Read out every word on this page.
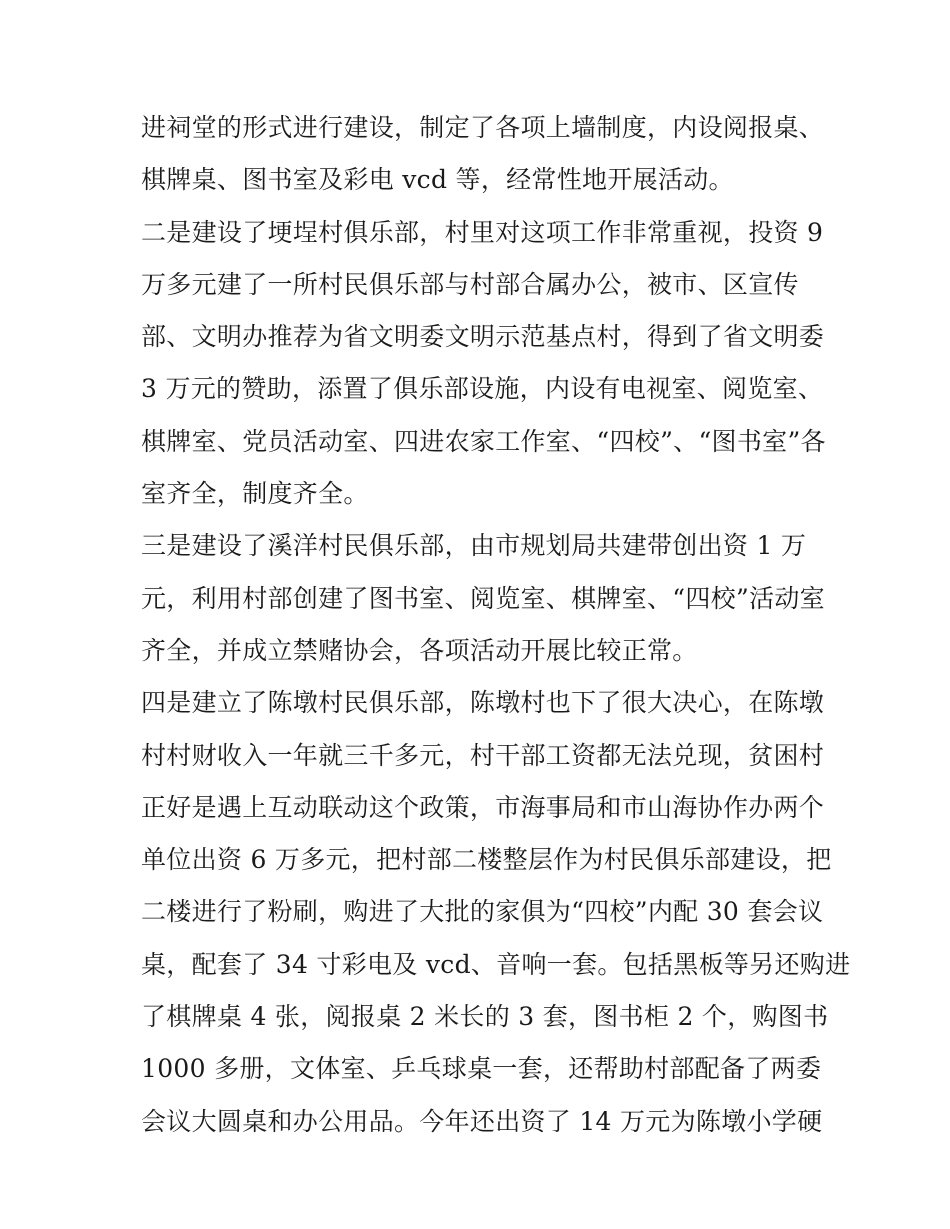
进祠堂的形式进行建设，制定了各项上墙制度，内设阅报桌、
棋牌桌、图书室及彩电 vcd 等，经常性地开展活动。
二是建设了埂埕村俱乐部，村里对这项工作非常重视，投资 9
万多元建了一所村民俱乐部与村部合属办公，被市、区宣传
部、文明办推荐为省文明委文明示范基点村，得到了省文明委
3 万元的赞助，添置了俱乐部设施，内设有电视室、阅览室、
棋牌室、党员活动室、四进农家工作室、“四校”、“图书室”各
室齐全，制度齐全。
三是建设了溪洋村民俱乐部，由市规划局共建带创出资 1 万
元，利用村部创建了图书室、阅览室、棋牌室、“四校”活动室
齐全，并成立禁赌协会，各项活动开展比较正常。
四是建立了陈墩村民俱乐部，陈墩村也下了很大决心，在陈墩
村村财收入一年就三千多元，村干部工资都无法兑现，贫困村
正好是遇上互动联动这个政策，市海事局和市山海协作办两个
单位出资 6 万多元，把村部二楼整层作为村民俱乐部建设，把
二楼进行了粉刷，购进了大批的家俱为“四校”内配 30 套会议
桌，配套了 34 寸彩电及 vcd、音响一套。包括黑板等另还购进
了棋牌桌 4 张，阅报桌 2 米长的 3 套，图书柜 2 个，购图书
1000 多册，文体室、乒乓球桌一套，还帮助村部配备了两委
会议大圆桌和办公用品。今年还出资了 14 万元为陈墩小学硬
